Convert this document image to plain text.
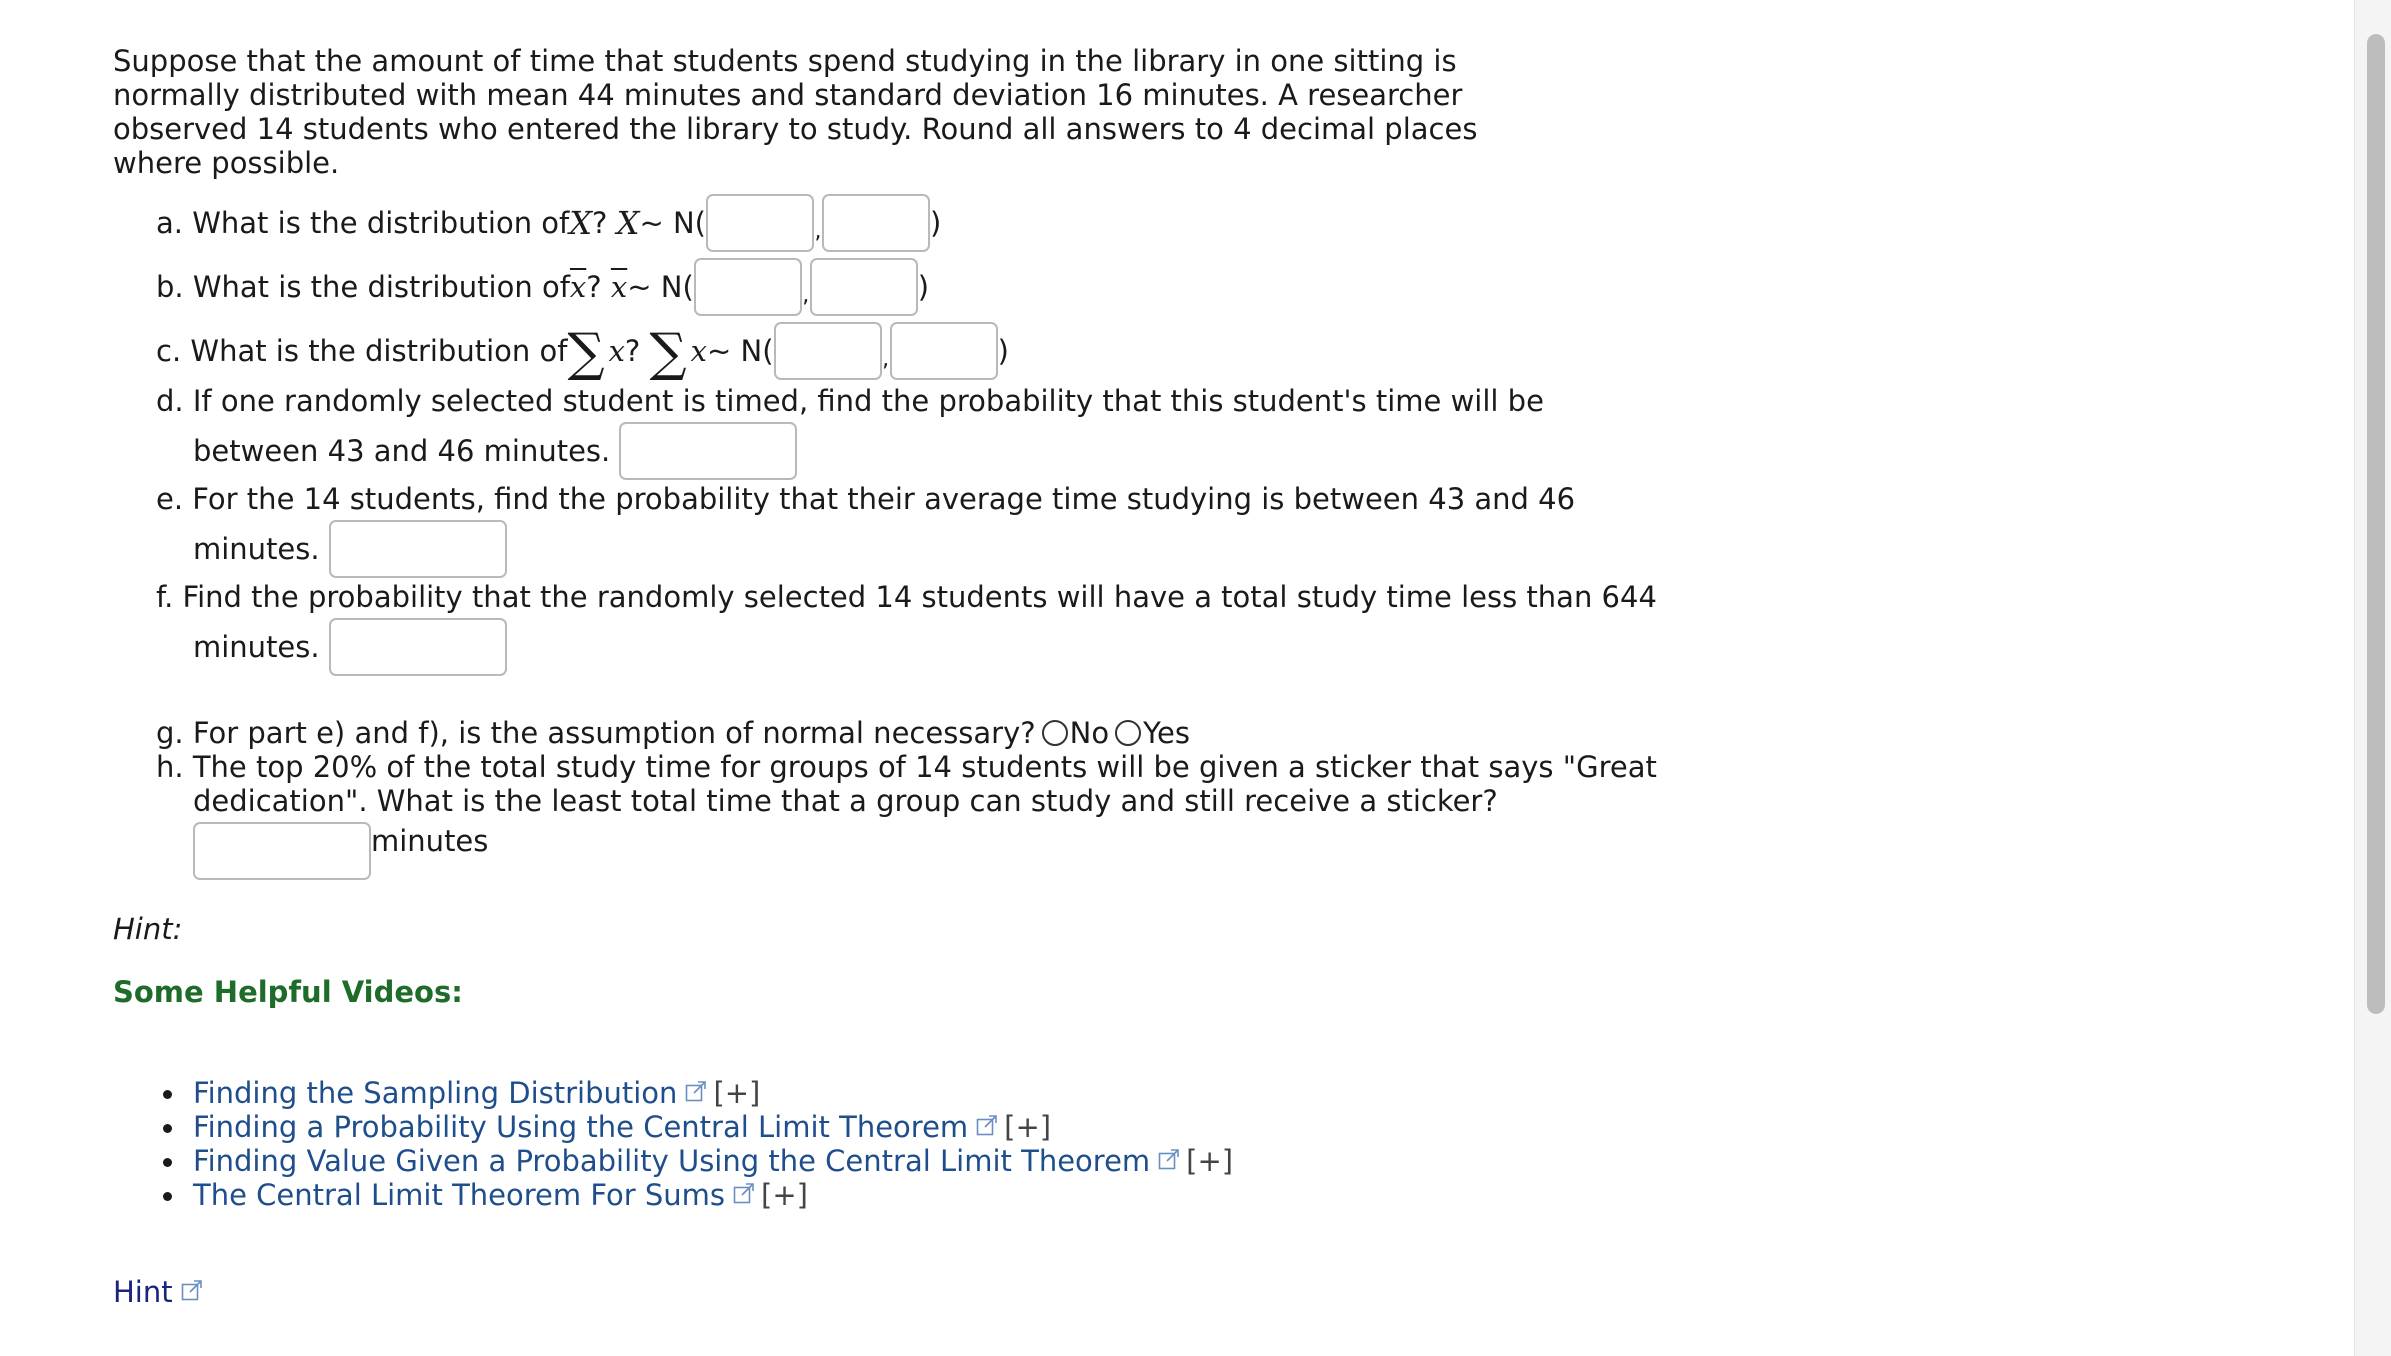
Suppose that the amount of time that students spend studying in the library in one sitting is normally distributed with mean 44 minutes and standard deviation 16 minutes. A researcher observed 14 students who entered the library to study. Round all answers to 4 decimal places where possible.
a.
What is the distribution of X ?
X ~ N(	,	)
b.
What is the distribution of $\overline{x}$ ?
$\overline{x}$ ~ N(	,	)
c.
What is the distribution of ∑ x ?
∑ x ~ N(	,	)
d.
If one randomly selected student is timed, find the probability that this student's time will be
between 43 and 46 minutes.

e.
For the 14 students, find the probability that their average time studying is between 43 and 46
minutes.

f.
Find the probability that the randomly selected 14 students will have a total study time less than 644
minutes.

g.
For part e) and f), is the assumption of normal necessary? No Yes
h.
The top 20% of the total study time for groups of 14 students will be given a sticker that says "Great
dedication". What is the least total time that a group can study and still receive a sticker?
minutes
Hint:
Some Helpful Videos:
Finding the Sampling Distribution [+]
Finding a Probability Using the Central Limit Theorem [+]
Finding Value Given a Probability Using the Central Limit Theorem [+]
The Central Limit Theorem For Sums [+]
Hint
